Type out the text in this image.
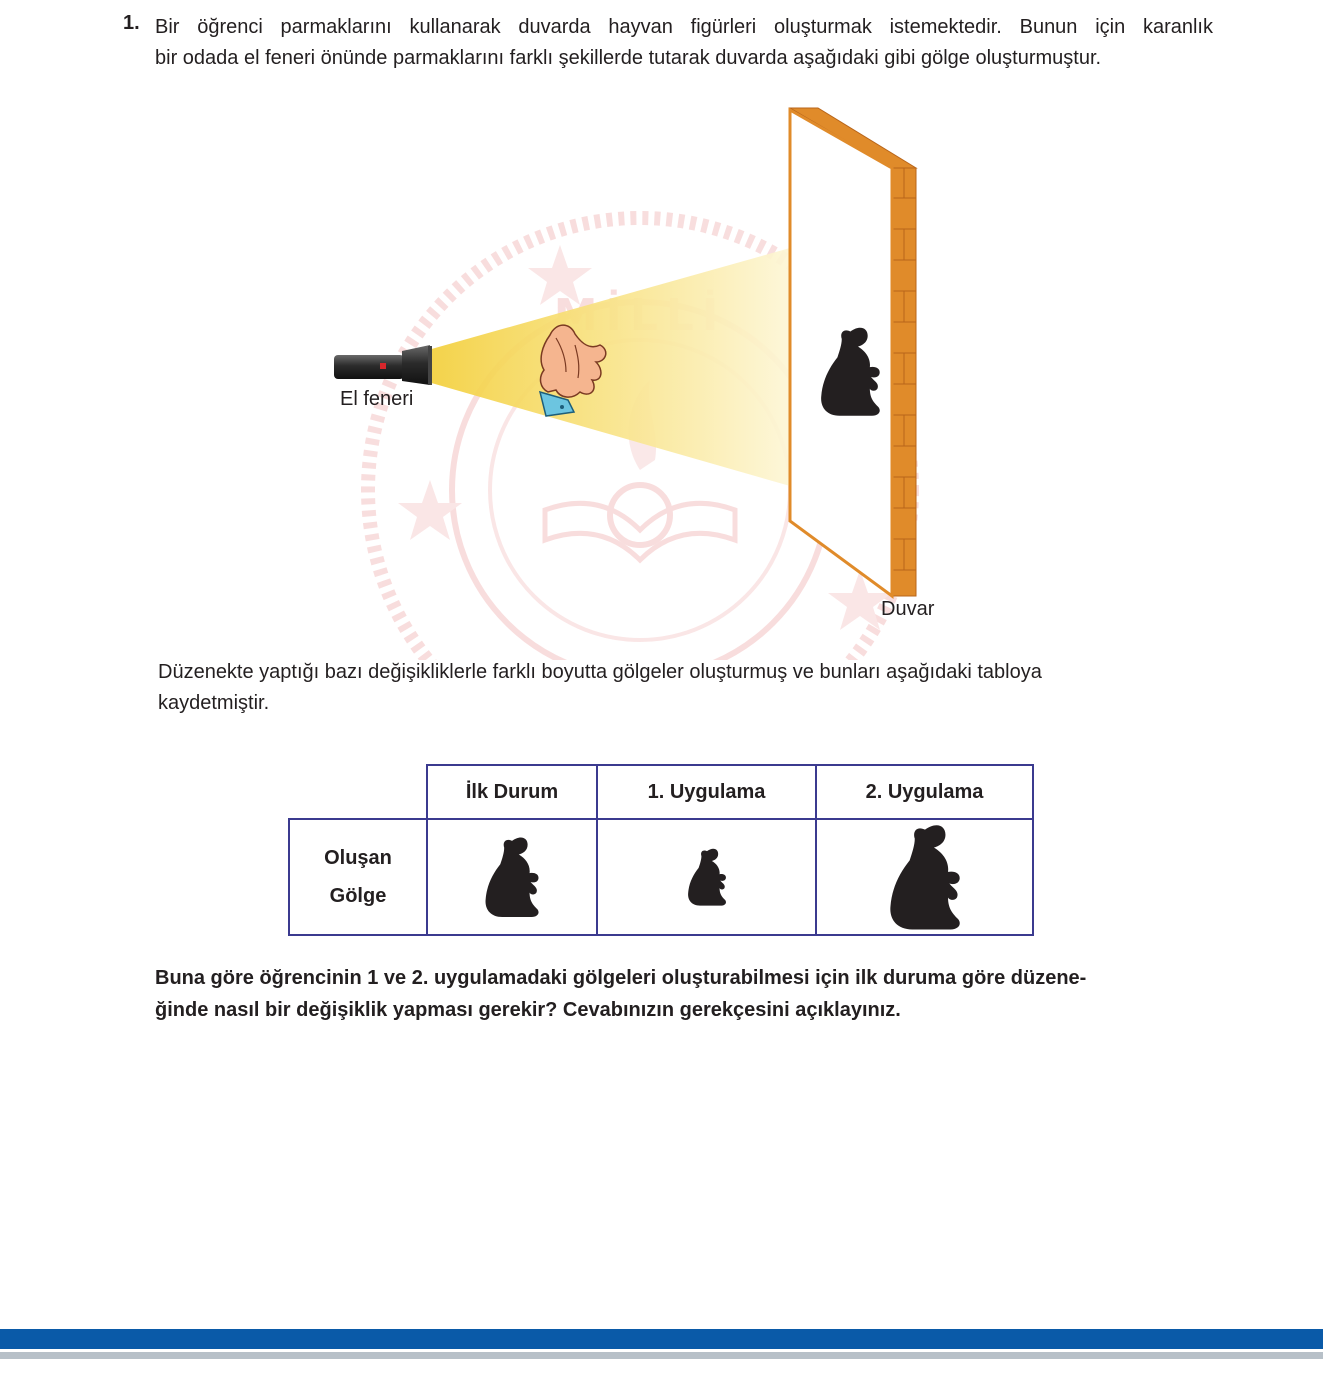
1. Bir öğrenci parmaklarını kullanarak duvarda hayvan figürleri oluşturmak istemektedir. Bunun için karanlık
bir odada el feneri önünde parmaklarını farklı şekillerde tutarak duvarda aşağıdaki gibi gölge oluşturmuştur.
El feneri
Duvar
Düzenekte yaptığı bazı değişikliklerle farklı boyutta gölgeler oluşturmuş ve bunları aşağıdaki tabloya
kaydetmiştir.
İlk Durum	1. Uygulama	2. Uygulama
Oluşan
Gölge
Buna göre öğrencinin 1 ve 2. uygulamadaki gölgeleri oluşturabilmesi için ilk duruma göre düzene-
ğinde nasıl bir değişiklik yapması gerekir? Cevabınızın gerekçesini açıklayınız.
